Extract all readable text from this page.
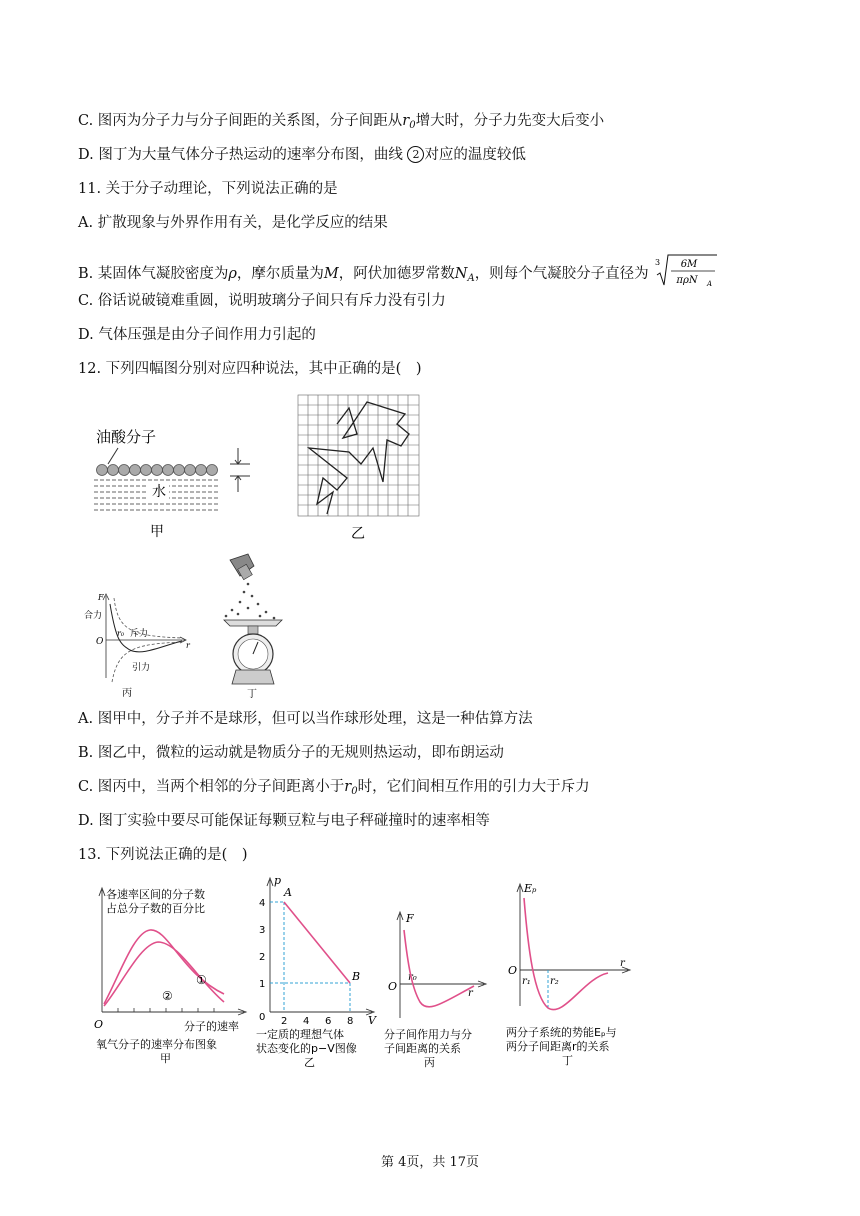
C. 图丙为分子力与分子间距的关系图，分子间距从$r_0$增大时，分子力先变大后变小
D. 图丁为大量气体分子热运动的速率分布图，曲线 2 对应的温度较低
11. 关于分子动理论，下列说法正确的是
A. 扩散现象与外界作用有关，是化学反应的结果
B. 某固体气凝胶密度为ρ，摩尔质量为M，阿伏加德罗常数$N_A$，则每个气凝胶分子直径为
3 6M
πρN A
C. 俗话说破镜难重圆，说明玻璃分子间只有斥力没有引力
D. 气体压强是由分子间作用力引起的
12. 下列四幅图分别对应四种说法，其中正确的是(　)
油酸分子
水
甲	乙
F
合力
O	r
r₀ 斥力
引力
丙	丁
A. 图甲中，分子并不是球形，但可以当作球形处理，这是一种估算方法
B. 图乙中，微粒的运动就是物质分子的无规则热运动，即布朗运动
C. 图丙中，当两个相邻的分子间距离小于$r_0$时，它们间相互作用的引力大于斥力
D. 图丁实验中要尽可能保证每颗豆粒与电子秤碰撞时的速率相等
13. 下列说法正确的是(　)
各速率区间的分子数
占总分子数的百分比
①
②
O	分子的速率
氧气分子的速率分布图象
甲
p
V
4
3
2
1
0 2 4 6 8
A
B
一定质的理想气体
状态变化的p−V图像
乙
F
O
r₀
r
分子间作用力与分
子间距离的关系
丙
Eₚ
O
r₁ r₂
r
两分子系统的势能Eₚ与
两分子间距离r的关系
丁
第 4页，共 17页
